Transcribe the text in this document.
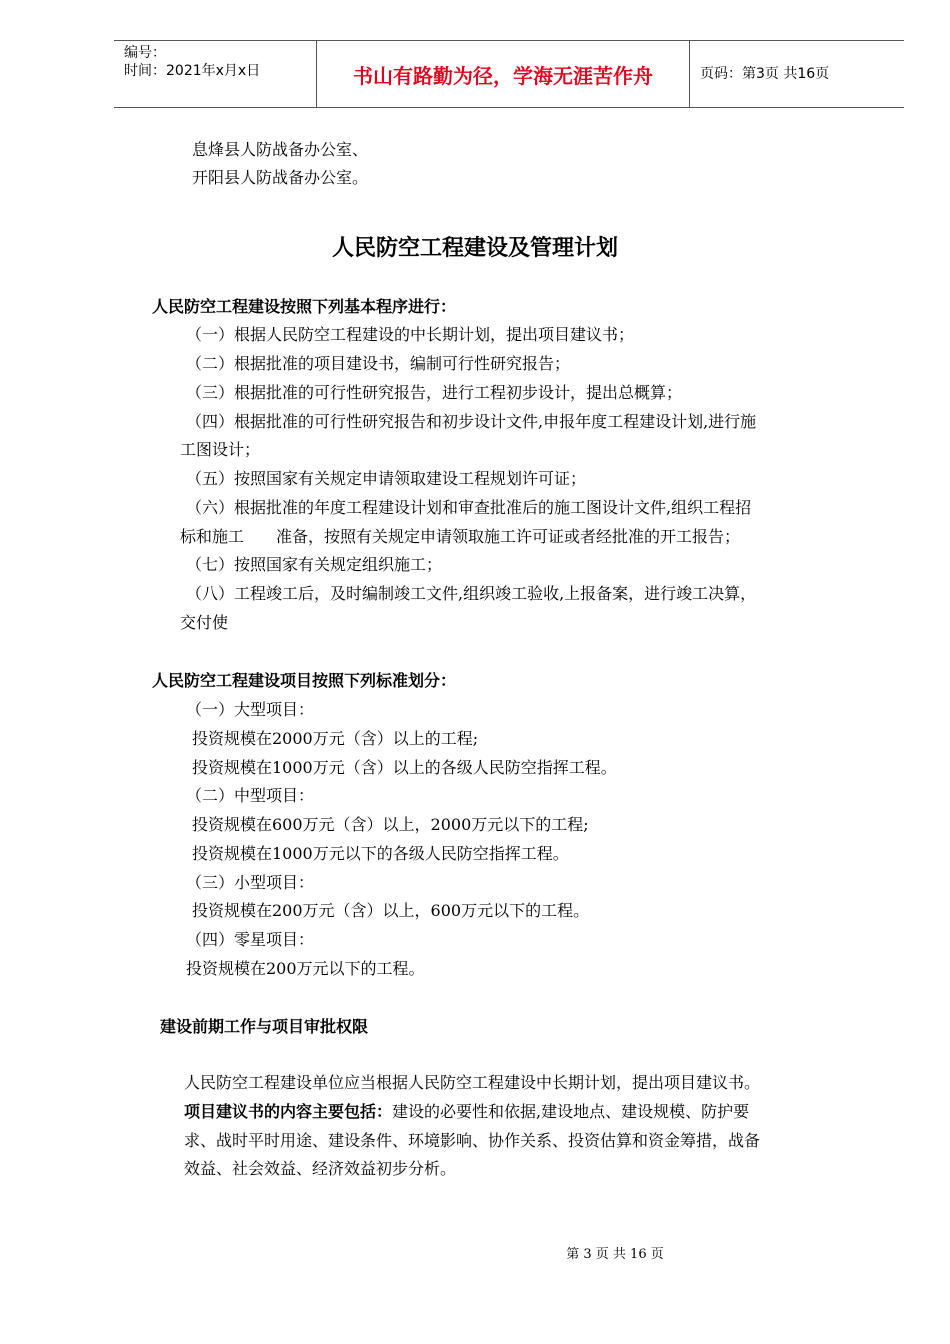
编号：
时间：2021年x月x日	书山有路勤为径，学海无涯苦作舟	页码：第3页 共16页
息烽县人防战备办公室、
开阳县人防战备办公室。
人民防空工程建设及管理计划
人民防空工程建设按照下列基本程序进行：
（一）根据人民防空工程建设的中长期计划，提出项目建议书；
（二）根据批准的项目建设书，编制可行性研究报告；
（三）根据批准的可行性研究报告，进行工程初步设计，提出总概算；
（四）根据批准的可行性研究报告和初步设计文件,申报年度工程建设计划,进行施
工图设计；
（五）按照国家有关规定申请领取建设工程规划许可证；
（六）根据批准的年度工程建设计划和审查批准后的施工图设计文件,组织工程招
标和施工　　准备，按照有关规定申请领取施工许可证或者经批准的开工报告；
（七）按照国家有关规定组织施工；
（八）工程竣工后，及时编制竣工文件,组织竣工验收,上报备案，进行竣工决算，
交付使
人民防空工程建设项目按照下列标准划分：
（一）大型项目：
投资规模在2000万元（含）以上的工程;
投资规模在1000万元（含）以上的各级人民防空指挥工程。
（二）中型项目：
投资规模在600万元（含）以上，2000万元以下的工程;
投资规模在1000万元以下的各级人民防空指挥工程。
（三）小型项目：
投资规模在200万元（含）以上，600万元以下的工程。
（四）零星项目：
投资规模在200万元以下的工程。
建设前期工作与项目审批权限
人民防空工程建设单位应当根据人民防空工程建设中长期计划，提出项目建议书。
项目建议书的内容主要包括：建设的必要性和依据,建设地点、建设规模、防护要
求、战时平时用途、建设条件、环境影响、协作关系、投资估算和资金筹措，战备
效益、社会效益、经济效益初步分析。
第 3 页 共 16 页
